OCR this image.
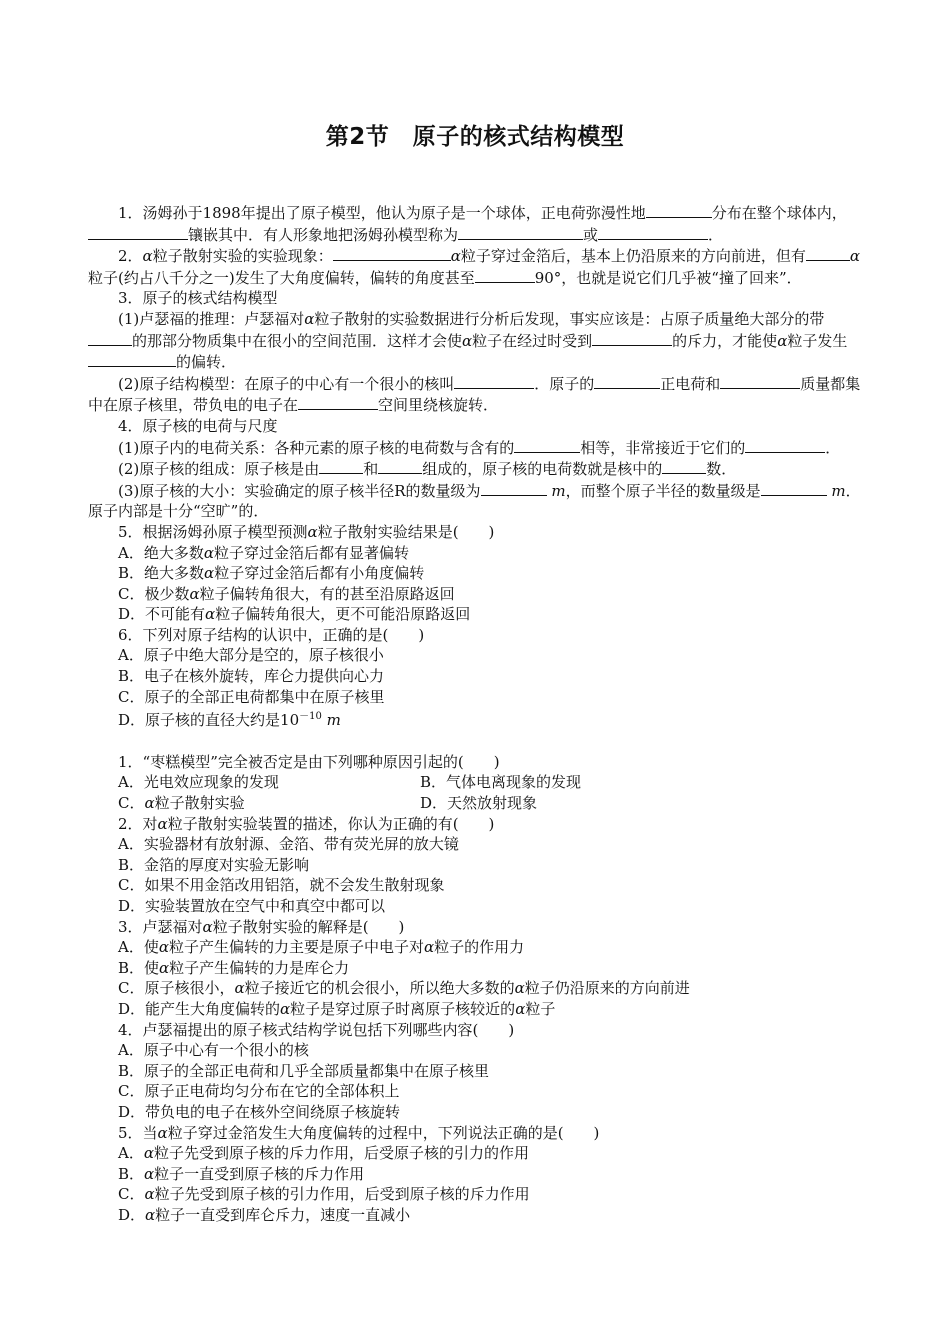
第2节　原子的核式结构模型

1．汤姆孙于1898年提出了原子模型，他认为原子是一个球体，正电荷弥漫性地	分布在整个球体内，镶嵌其中．有人形象地把汤姆孙模型称为	或	．

2．α粒子散射实验的实验现象：	α粒子穿过金箔后，基本上仍沿原来的方向前进，但有	α粒子(约占八千分之一)发生了大角度偏转，偏转的角度甚至	90°，也就是说它们几乎被“撞了回来”．

3．原子的核式结构模型

(1)卢瑟福的推理：卢瑟福对α粒子散射的实验数据进行分析后发现，事实应该是：占原子质量绝大部分的带的那部分物质集中在很小的空间范围．这样才会使α粒子在经过时受到	的斥力，才能使α粒子发生的偏转．

(2)原子结构模型：在原子的中心有一个很小的核叫	．原子的	正电荷和	质量都集中在原子核里，带负电的电子在	空间里绕核旋转．

4．原子核的电荷与尺度

(1)原子内的电荷关系：各种元素的原子核的电荷数与含有的	相等，非常接近于它们的	．

(2)原子核的组成：原子核是由	和	组成的，原子核的电荷数就是核中的	数．

(3)原子核的大小：实验确定的原子核半径R的数量级为	m，而整个原子半径的数量级是	m．原子内部是十分“空旷”的．

5．根据汤姆孙原子模型预测α粒子散射实验结果是(　　)

A．绝大多数α粒子穿过金箔后都有显著偏转

B．绝大多数α粒子穿过金箔后都有小角度偏转

C．极少数α粒子偏转角很大，有的甚至沿原路返回

D．不可能有α粒子偏转角很大，更不可能沿原路返回

6．下列对原子结构的认识中，正确的是(　　)

A．原子中绝大部分是空的，原子核很小

B．电子在核外旋转，库仑力提供向心力

C．原子的全部正电荷都集中在原子核里

D．原子核的直径大约是$10^{-10}$ m

1．“枣糕模型”完全被否定是由下列哪种原因引起的(　　)

A．光电效应现象的发现	B．气体电离现象的发现
C．α粒子散射实验	D．天然放射现象

2．对α粒子散射实验装置的描述，你认为正确的有(　　)

A．实验器材有放射源、金箔、带有荧光屏的放大镜

B．金箔的厚度对实验无影响

C．如果不用金箔改用铝箔，就不会发生散射现象

D．实验装置放在空气中和真空中都可以

3．卢瑟福对α粒子散射实验的解释是(　　)

A．使α粒子产生偏转的力主要是原子中电子对α粒子的作用力

B．使α粒子产生偏转的力是库仑力

C．原子核很小，α粒子接近它的机会很小，所以绝大多数的α粒子仍沿原来的方向前进

D．能产生大角度偏转的α粒子是穿过原子时离原子核较近的α粒子

4．卢瑟福提出的原子核式结构学说包括下列哪些内容(　　)

A．原子中心有一个很小的核

B．原子的全部正电荷和几乎全部质量都集中在原子核里

C．原子正电荷均匀分布在它的全部体积上

D．带负电的电子在核外空间绕原子核旋转

5．当α粒子穿过金箔发生大角度偏转的过程中，下列说法正确的是(　　)

A．α粒子先受到原子核的斥力作用，后受原子核的引力的作用

B．α粒子一直受到原子核的斥力作用

C．α粒子先受到原子核的引力作用，后受到原子核的斥力作用

D．α粒子一直受到库仑斥力，速度一直减小
